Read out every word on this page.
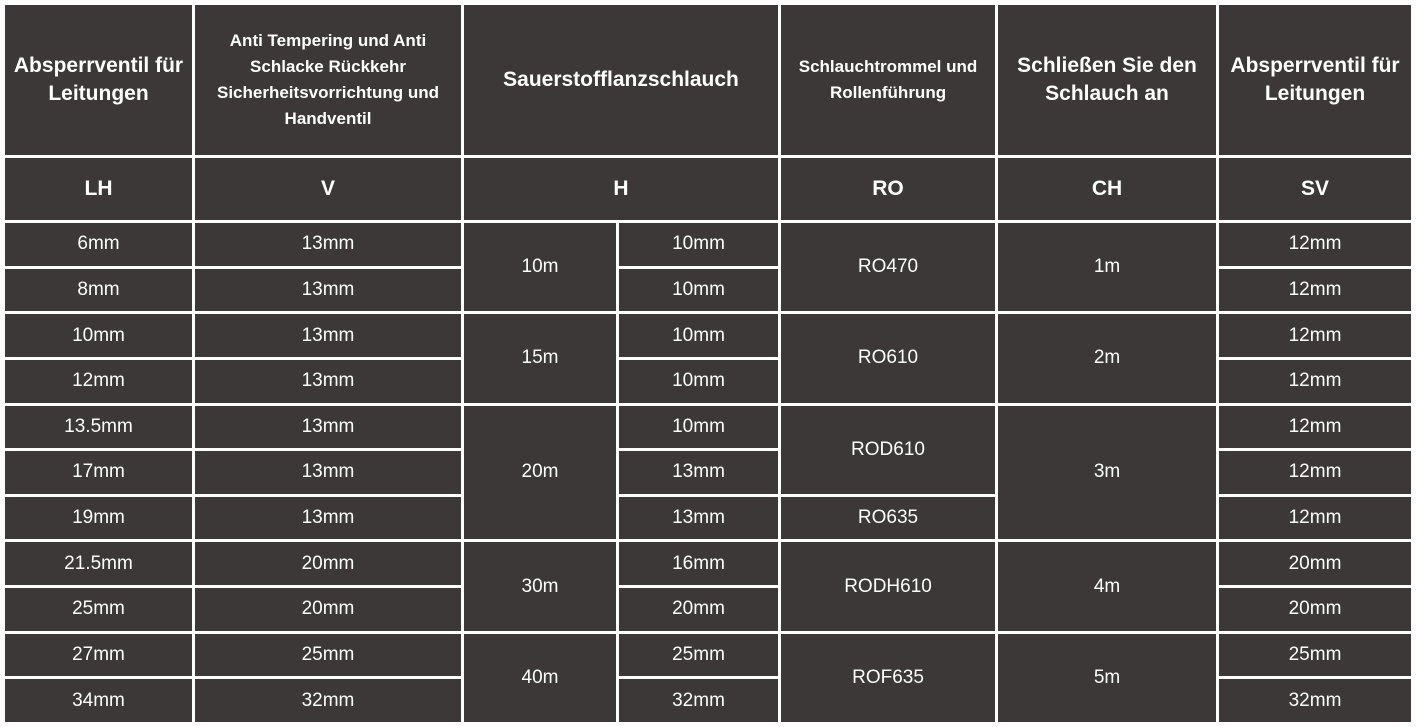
Absperrventil für Leitungen	Anti Tempering und Anti Schlacke Rückkehr Sicherheitsvorrichtung und Handventil	Sauerstofflanzschlauch		Schlauchtrommel und Rollenführung	Schließen Sie den Schlauch an	Absperrventil für Leitungen
LH	V	H		RO	CH	SV
6mm	13mm	10m	10mm	RO470	1m	12mm
8mm	13mm		10mm			12mm
10mm	13mm	15m	10mm	RO610	2m	12mm
12mm	13mm		10mm			12mm
13.5mm	13mm	20m	10mm	ROD610	3m	12mm
17mm	13mm		13mm			12mm
19mm	13mm		13mm	RO635		12mm
21.5mm	20mm	30m	16mm	RODH610	4m	20mm
25mm	20mm		20mm			20mm
27mm	25mm	40m	25mm	ROF635	5m	25mm
34mm	32mm		32mm			32mm
